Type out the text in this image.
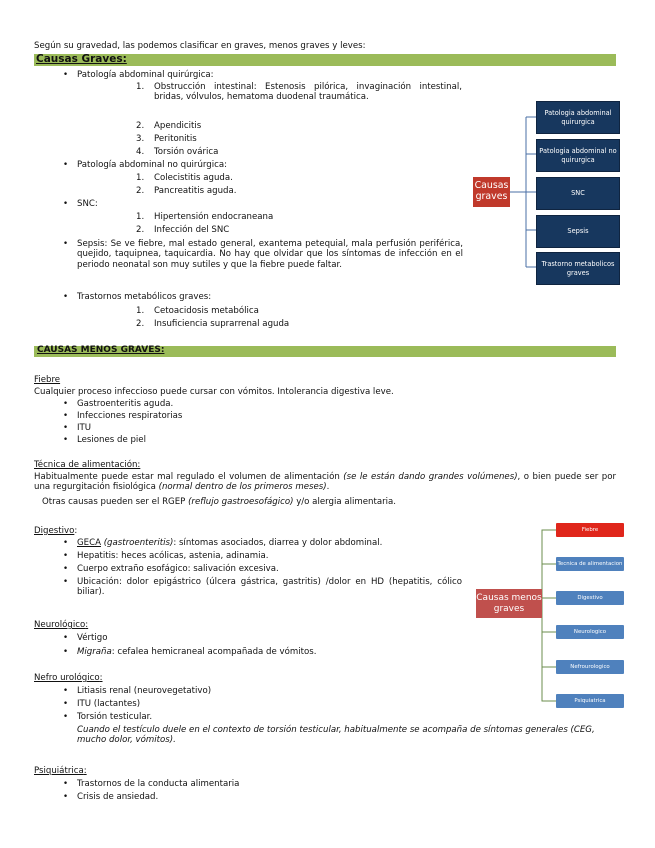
Según su gravedad, las podemos clasificar en graves, menos graves y leves:
Causas Graves:
• Patología abdominal quirúrgica:
1. Obstrucción intestinal: Estenosis pilórica, invaginación intestinal, bridas, vólvulos, hematoma duodenal traumática.
2. Apendicitis
3. Peritonitis
4. Torsión ovárica
• Patología abdominal no quirúrgica:
1. Colecistitis aguda.
2. Pancreatitis aguda.
• SNC:
1. Hipertensión endocraneana
2. Infección del SNC
• Sepsis: Se ve fiebre, mal estado general, exantema petequial, mala perfusión periférica, quejido, taquipnea, taquicardia. No hay que olvidar que los síntomas de infección en el periodo neonatal son muy sutiles y que la fiebre puede faltar.
• Trastornos metabólicos graves:
1. Cetoacidosis metabólica
2. Insuficiencia suprarrenal aguda
Causas graves
Patologia abdominal quirurgica
Patologia abdominal no quirurgica
SNC
Sepsis
Trastorno metabolicos graves
CAUSAS MENOS GRAVES:
Fiebre
Cualquier proceso infeccioso puede cursar con vómitos. Intolerancia digestiva leve.
• Gastroenteritis aguda.
• Infecciones respiratorias
• ITU
• Lesiones de piel
Técnica de alimentación:
Habitualmente puede estar mal regulado el volumen de alimentación (se le están dando grandes volúmenes), o bien puede ser por una regurgitación fisiológica (normal dentro de los primeros meses).
Otras causas pueden ser el RGEP (reflujo gastroesofágico) y/o alergia alimentaria.
Digestivo:
• GECA (gastroenteritis): síntomas asociados, diarrea y dolor abdominal.
• Hepatitis: heces acólicas, astenia, adinamia.
• Cuerpo extraño esofágico: salivación excesiva.
• Ubicación: dolor epigástrico (úlcera gástrica, gastritis) /dolor en HD (hepatitis, cólico biliar).
Neurológico:
• Vértigo
• Migraña: cefalea hemicraneal acompañada de vómitos.
Nefro urológico:
• Litiasis renal (neurovegetativo)
• ITU (lactantes)
• Torsión testicular.
Cuando el testículo duele en el contexto de torsión testicular, habitualmente se acompaña de síntomas generales (CEG, mucho dolor, vómitos).
Psiquiátrica:
• Trastornos de la conducta alimentaria
• Crisis de ansiedad.
Causas menos graves
Fiebre
Tecnica de alimentacion
Digestivo
Neurologico
Nefrourologico
Psiquiatrica
